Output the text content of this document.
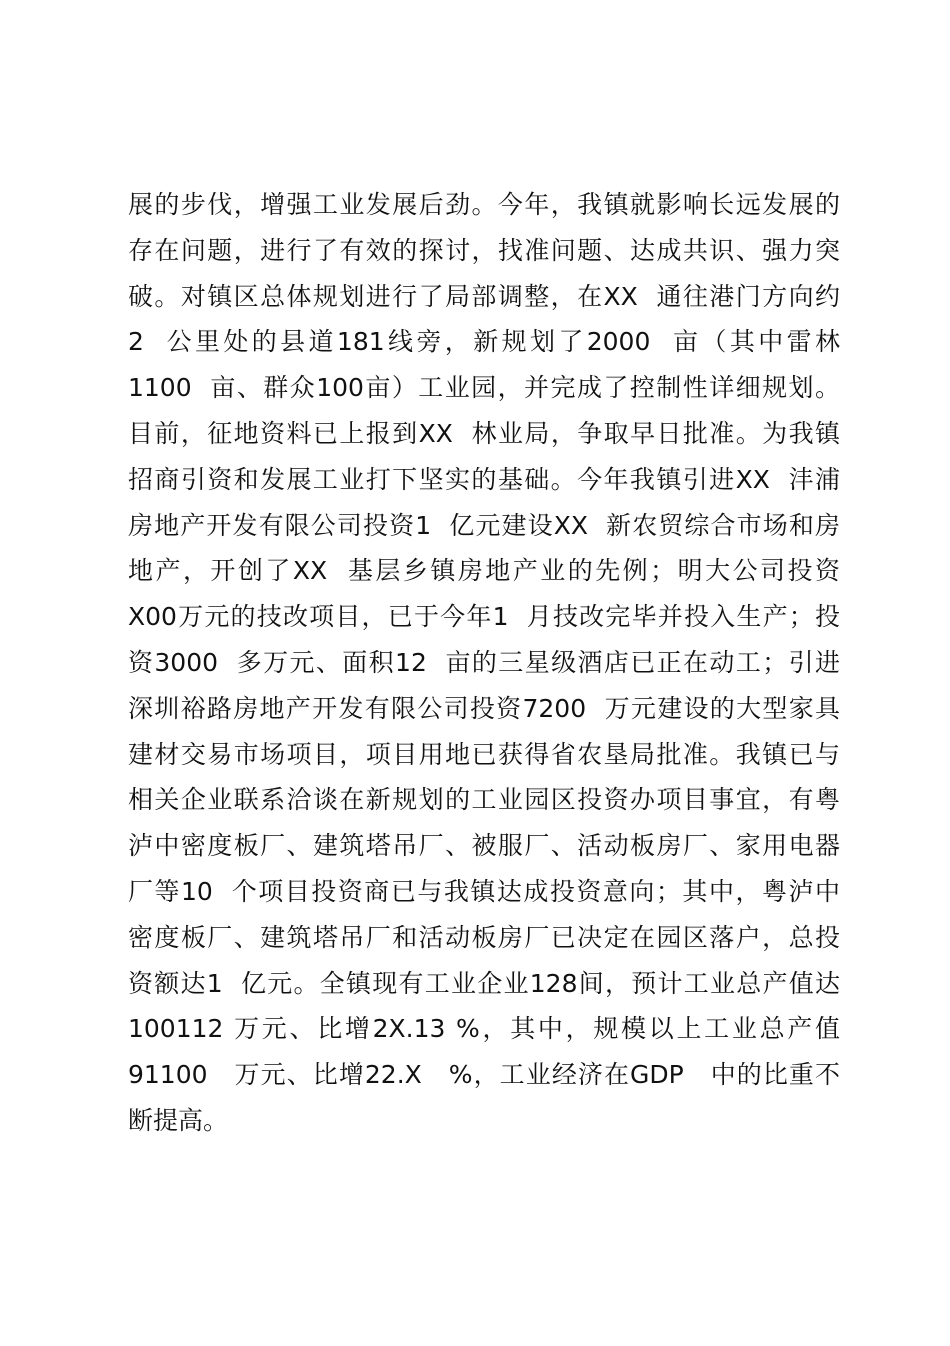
展的步伐，增强工业发展后劲。今年，我镇就影响长远发展的
存在问题，进行了有效的探讨，找准问题、达成共识、强力突
破。对镇区总体规划进行了局部调整，在XX  通往港门方向约
2  公里处的县道181线旁，新规划了2000  亩（其中雷林
1100  亩、群众100亩）工业园，并完成了控制性详细规划。
目前，征地资料已上报到XX  林业局，争取早日批准。为我镇
招商引资和发展工业打下坚实的基础。今年我镇引进XX  沣浦
房地产开发有限公司投资1  亿元建设XX  新农贸综合市场和房
地产，开创了XX  基层乡镇房地产业的先例；明大公司投资
X00万元的技改项目，已于今年1  月技改完毕并投入生产；投
资3000  多万元、面积12  亩的三星级酒店已正在动工；引进
深圳裕路房地产开发有限公司投资7200  万元建设的大型家具
建材交易市场项目，项目用地已获得省农垦局批准。我镇已与
相关企业联系洽谈在新规划的工业园区投资办项目事宜，有粤
泸中密度板厂、建筑塔吊厂、被服厂、活动板房厂、家用电器
厂等10  个项目投资商已与我镇达成投资意向；其中，粤泸中
密度板厂、建筑塔吊厂和活动板房厂已决定在园区落户，总投
资额达1  亿元。全镇现有工业企业128间，预计工业总产值达
100112 万元、比增2X.13 %，其中，规模以上工业总产值
91100   万元、比增22.X   %，工业经济在GDP   中的比重不
断提高。
